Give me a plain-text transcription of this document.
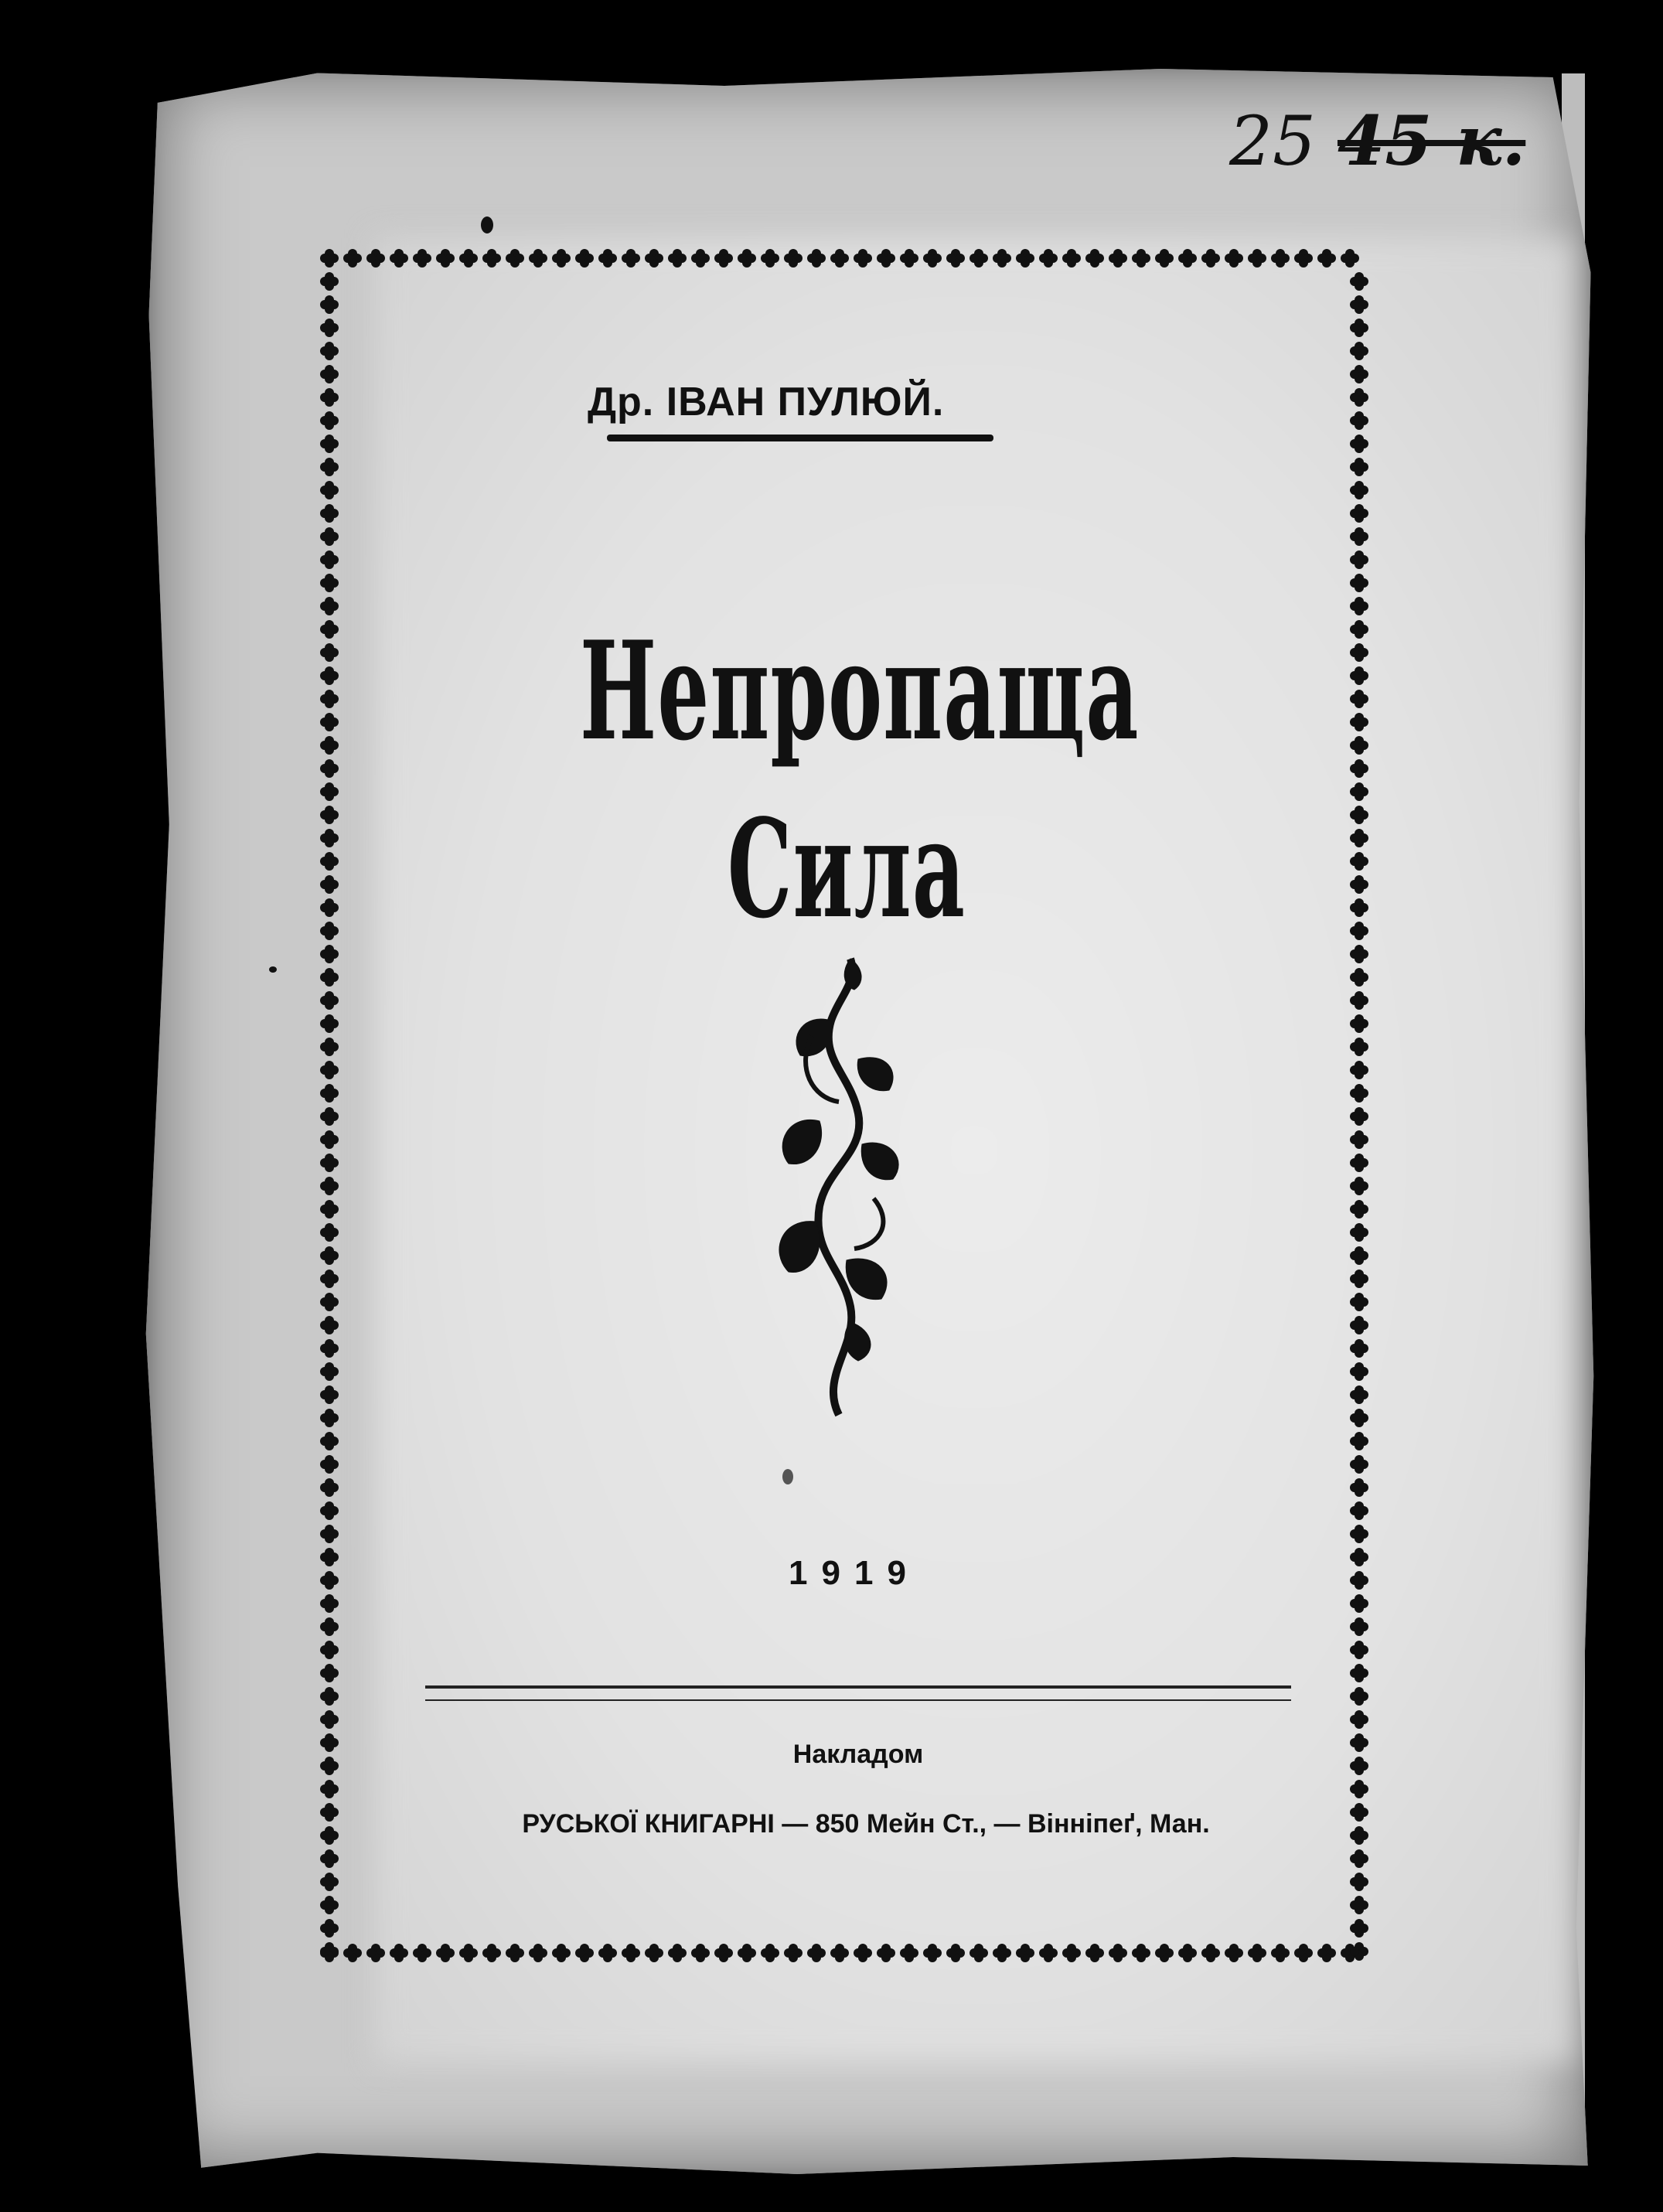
25 45 к.
Др. ІВАН ПУЛЮЙ.
Непропаща Сила
1919
Накладом
РУСЬКОЇ КНИГАРНІ — 850 Мейн Ст., — Вінніпеґ, Ман.
